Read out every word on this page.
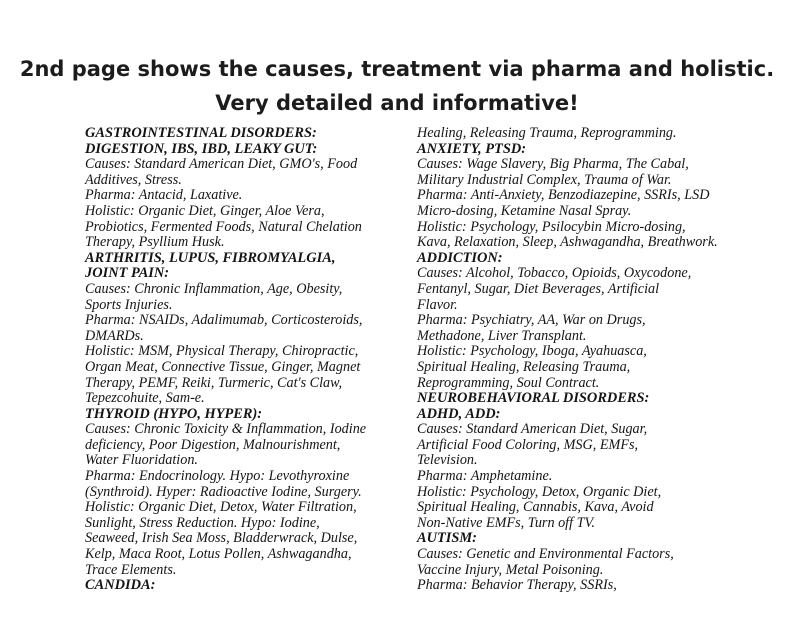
2nd page shows the causes, treatment via pharma and holistic.
Very detailed and informative!

GASTROINTESTINAL DISORDERS:

DIGESTION, IBS, IBD, LEAKY GUT:

Causes: Standard American Diet, GMO's, Food

Additives, Stress.

Pharma: Antacid, Laxative.

Holistic: Organic Diet, Ginger, Aloe Vera,

Probiotics, Fermented Foods, Natural Chelation

Therapy, Psyllium Husk.

ARTHRITIS, LUPUS, FIBROMYALGIA,

JOINT PAIN:

Causes: Chronic Inflammation, Age, Obesity,

Sports Injuries.

Pharma: NSAIDs, Adalimumab, Corticosteroids,

DMARDs.

Holistic: MSM, Physical Therapy, Chiropractic,

Organ Meat, Connective Tissue, Ginger, Magnet

Therapy, PEMF, Reiki, Turmeric, Cat's Claw,

Tepezcohuite, Sam-e.

THYROID (HYPO, HYPER):

Causes: Chronic Toxicity & Inflammation, Iodine

deficiency, Poor Digestion, Malnourishment,

Water Fluoridation.

Pharma: Endocrinology. Hypo: Levothyroxine

(Synthroid). Hyper: Radioactive Iodine, Surgery.

Holistic: Organic Diet, Detox, Water Filtration,

Sunlight, Stress Reduction. Hypo: Iodine,

Seaweed, Irish Sea Moss, Bladderwrack, Dulse,

Kelp, Maca Root, Lotus Pollen, Ashwagandha,

Trace Elements.

CANDIDA:

Healing, Releasing Trauma, Reprogramming.

ANXIETY, PTSD:

Causes: Wage Slavery, Big Pharma, The Cabal,

Military Industrial Complex, Trauma of War.

Pharma: Anti-Anxiety, Benzodiazepine, SSRIs, LSD

Micro-dosing, Ketamine Nasal Spray.

Holistic: Psychology, Psilocybin Micro-dosing,

Kava, Relaxation, Sleep, Ashwagandha, Breathwork.

ADDICTION:

Causes: Alcohol, Tobacco, Opioids, Oxycodone,

Fentanyl, Sugar, Diet Beverages, Artificial

Flavor.

Pharma: Psychiatry, AA, War on Drugs,

Methadone, Liver Transplant.

Holistic: Psychology, Iboga, Ayahuasca,

Spiritual Healing, Releasing Trauma,

Reprogramming, Soul Contract.

NEUROBEHAVIORAL DISORDERS:

ADHD, ADD:

Causes: Standard American Diet, Sugar,

Artificial Food Coloring, MSG, EMFs,

Television.

Pharma: Amphetamine.

Holistic: Psychology, Detox, Organic Diet,

Spiritual Healing, Cannabis, Kava, Avoid

Non-Native EMFs, Turn off TV.

AUTISM:

Causes: Genetic and Environmental Factors,

Vaccine Injury, Metal Poisoning.

Pharma: Behavior Therapy, SSRIs,
